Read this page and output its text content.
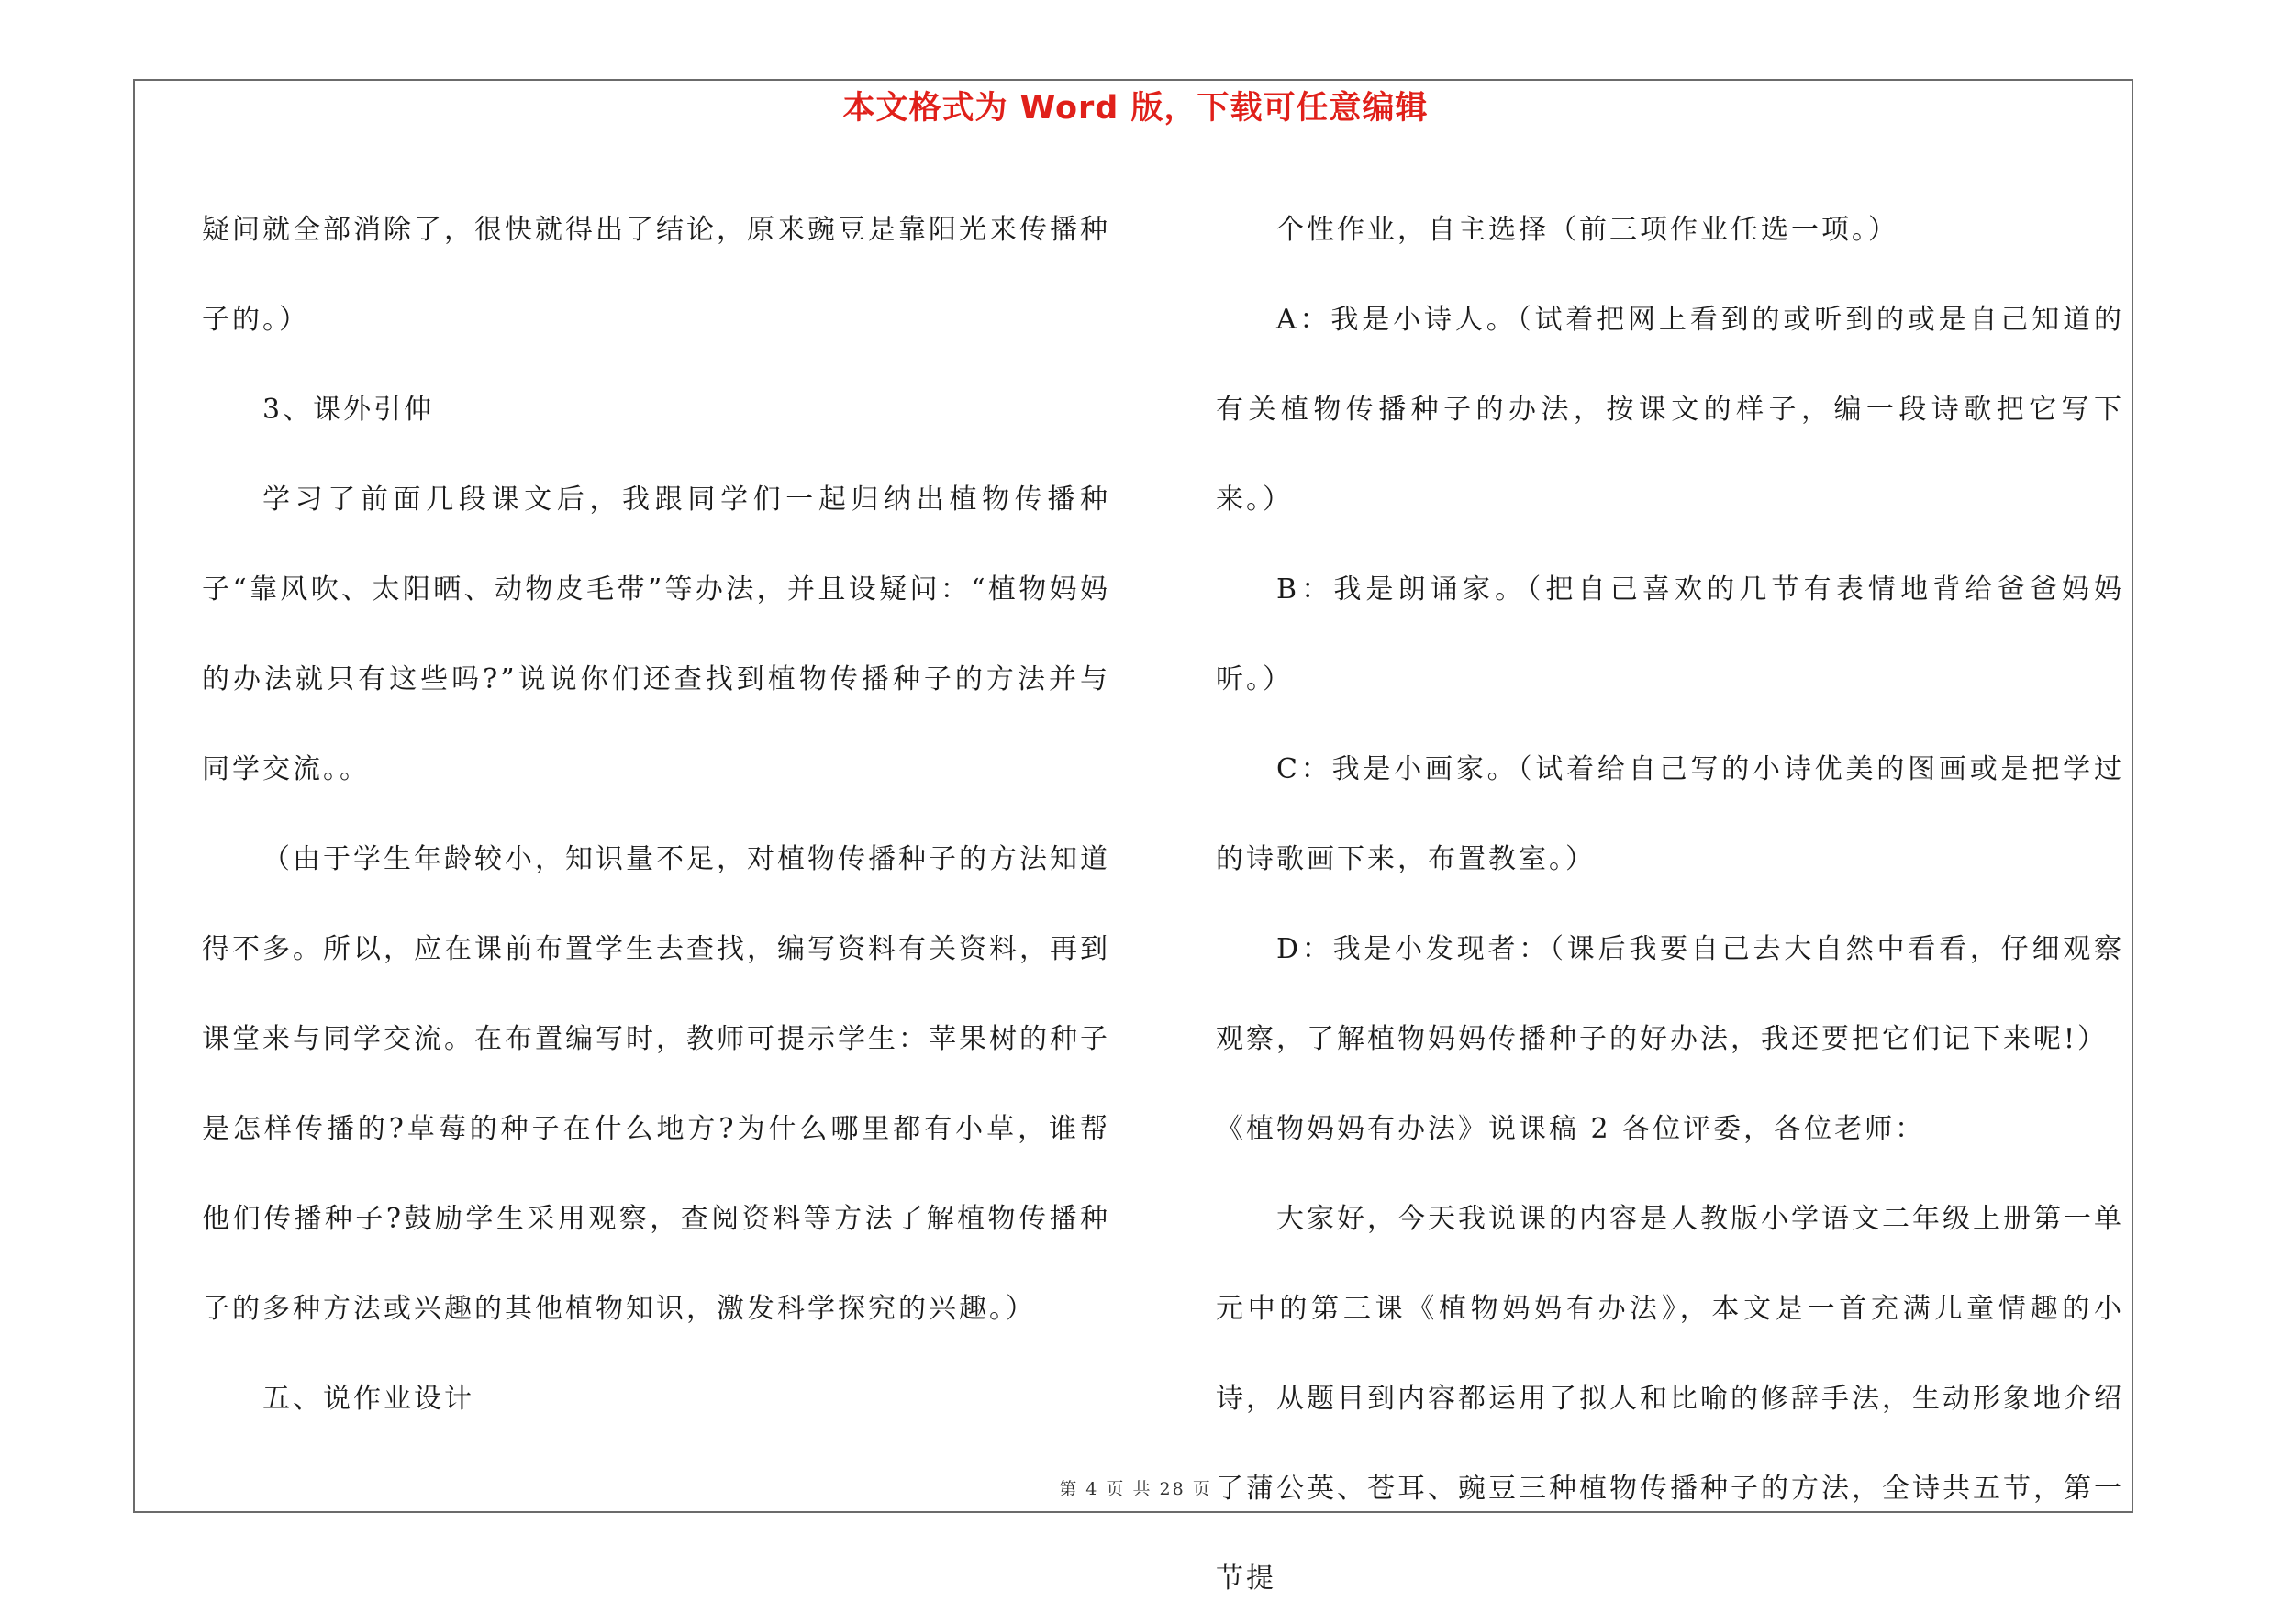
本文格式为 Word 版，下载可任意编辑

疑问就全部消除了，很快就得出了结论，原来豌豆是靠阳光来传播种子的。）

3、课外引伸

学习了前面几段课文后，我跟同学们一起归纳出植物传播种子“靠风吹、太阳晒、动物皮毛带”等办法，并且设疑问：“植物妈妈的办法就只有这些吗?”说说你们还查找到植物传播种子的方法并与同学交流。。

（由于学生年龄较小，知识量不足，对植物传播种子的方法知道得不多。所以，应在课前布置学生去查找，编写资料有关资料，再到课堂来与同学交流。在布置编写时，教师可提示学生：苹果树的种子是怎样传播的?草莓的种子在什么地方?为什么哪里都有小草，谁帮他们传播种子?鼓励学生采用观察，查阅资料等方法了解植物传播种子的多种方法或兴趣的其他植物知识，激发科学探究的兴趣。）

五、说作业设计

个性作业，自主选择（前三项作业任选一项。）

A：我是小诗人。（试着把网上看到的或听到的或是自己知道的有关植物传播种子的办法，按课文的样子，编一段诗歌把它写下来。）

B：我是朗诵家。（把自己喜欢的几节有表情地背给爸爸妈妈听。）

C：我是小画家。（试着给自己写的小诗优美的图画或是把学过的诗歌画下来，布置教室。）

D：我是小发现者：（课后我要自己去大自然中看看，仔细观察观察，了解植物妈妈传播种子的好办法，我还要把它们记下来呢!）

《植物妈妈有办法》说课稿 2 各位评委，各位老师：

大家好，今天我说课的内容是人教版小学语文二年级上册第一单元中的第三课《植物妈妈有办法》，本文是一首充满儿童情趣的小诗，从题目到内容都运用了拟人和比喻的修辞手法，生动形象地介绍了蒲公英、苍耳、豌豆三种植物传播种子的方法，全诗共五节，第一节提

第 4 页 共 28 页
